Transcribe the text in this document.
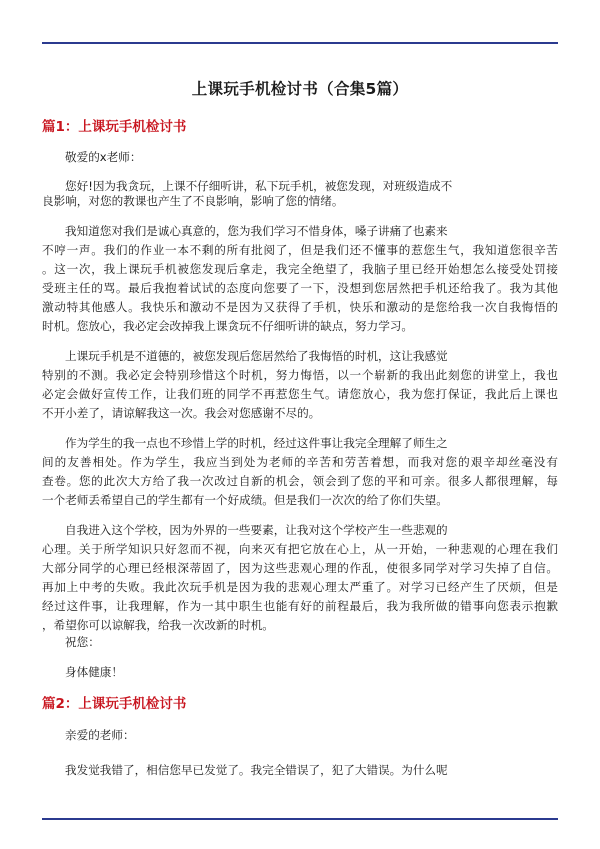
上课玩手机检讨书（合集5篇）
篇1：上课玩手机检讨书
敬爱的x老师：
您好!因为我贪玩，上课不仔细听讲，私下玩手机，被您发现，对班级造成不
良影响，对您的教课也产生了不良影响，影响了您的情绪。
我知道您对我们是诚心真意的，您为我们学习不惜身体，嗓子讲痛了也素来
不哼一声。我们的作业一本不剩的所有批阅了，但是我们还不懂事的惹您生气，我知道您很辛苦
。这一次，我上课玩手机被您发现后拿走，我完全绝望了，我脑子里已经开始想怎么接受处罚接
受班主任的骂。最后我抱着试试的态度向您要了一下，没想到您居然把手机还给我了。我为其他
激动特其他感人。我快乐和激动不是因为又获得了手机，快乐和激动的是您给我一次自我悔悟的
时机。您放心，我必定会改掉我上课贪玩不仔细听讲的缺点，努力学习。
上课玩手机是不道德的，被您发现后您居然给了我悔悟的时机，这让我感觉
特别的不测。我必定会特别珍惜这个时机，努力悔悟，以一个崭新的我出此刻您的讲堂上，我也
必定会做好宣传工作，让我们班的同学不再惹您生气。请您放心，我为您打保证，我此后上课也
不开小差了，请谅解我这一次。我会对您感谢不尽的。
作为学生的我一点也不珍惜上学的时机，经过这件事让我完全理解了师生之
间的友善相处。作为学生，我应当到处为老师的辛苦和劳苦着想，而我对您的艰辛却丝毫没有
查卷。您的此次大方给了我一次改过自新的机会，领会到了您的平和可亲。很多人都很理解，每
一个老师丢希望自己的学生都有一个好成绩。但是我们一次次的给了你们失望。
自我进入这个学校，因为外界的一些要素，让我对这个学校产生一些悲观的
心理。关于所学知识只好忽而不视，向来灭有把它放在心上，从一开始，一种悲观的心理在我们
大部分同学的心理已经根深蒂固了，因为这些悲观心理的作乱，使很多同学对学习失掉了自信。
再加上中考的失败。我此次玩手机是因为我的悲观心理太严重了。对学习已经产生了厌烦，但是
经过这件事，让我理解，作为一其中职生也能有好的前程最后，我为我所做的错事向您表示抱歉
，希望你可以谅解我，给我一次改新的时机。
祝您：
身体健康！
篇2：上课玩手机检讨书
亲爱的老师：
我发觉我错了，相信您早已发觉了。我完全错误了，犯了大错误。为什么呢
